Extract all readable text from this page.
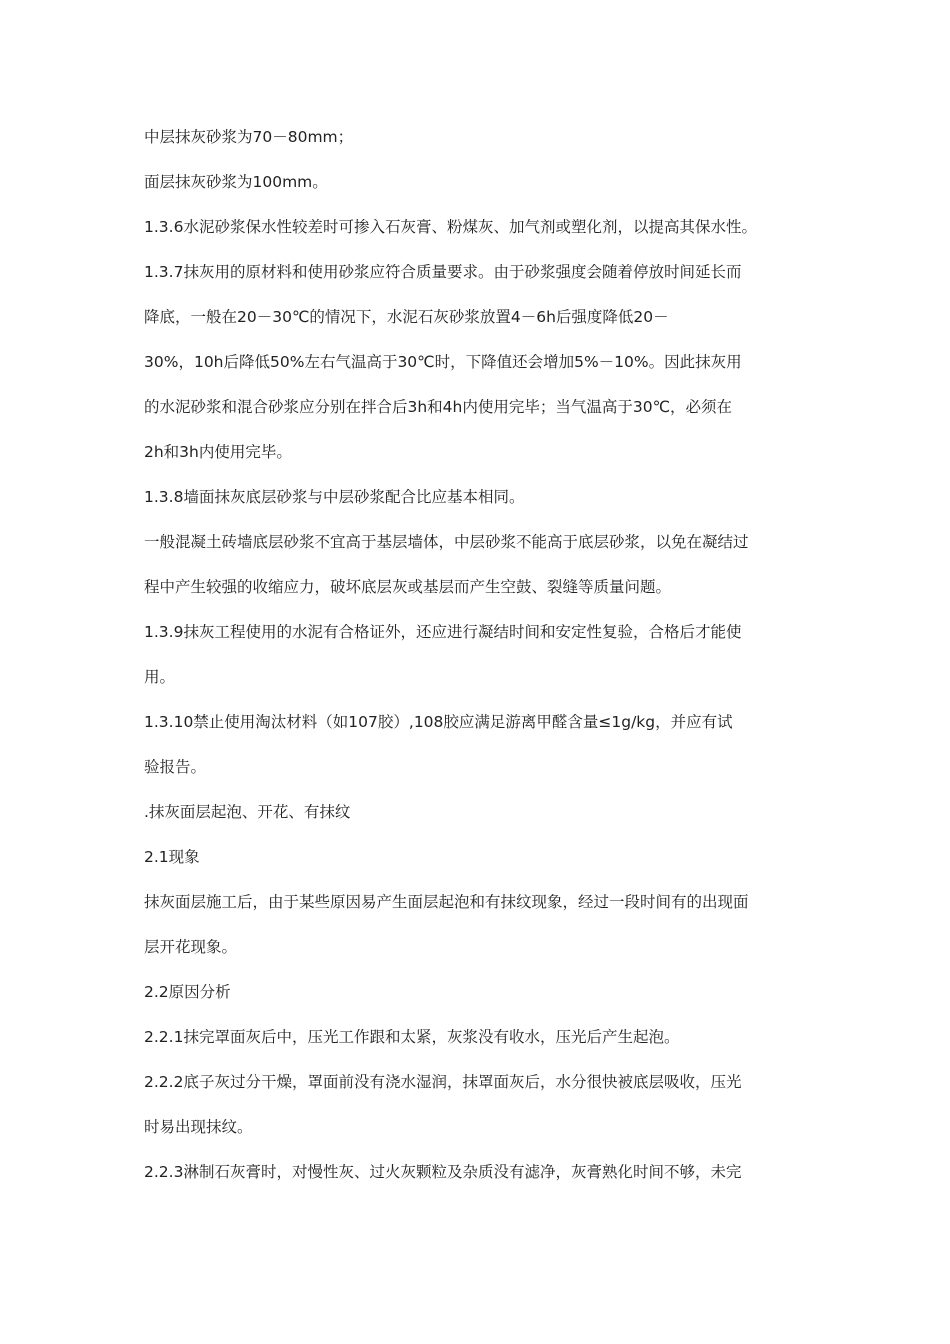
中层抹灰砂浆为70－80mm；
面层抹灰砂浆为100mm。
1.3.6水泥砂浆保水性较差时可掺入石灰膏、粉煤灰、加气剂或塑化剂，以提高其保水性。
1.3.7抹灰用的原材料和使用砂浆应符合质量要求。由于砂浆强度会随着停放时间延长而
降底，一般在20－30℃的情况下，水泥石灰砂浆放置4－6h后强度降低20－
30%，10h后降低50%左右气温高于30℃时，下降值还会增加5%－10%。因此抹灰用
的水泥砂浆和混合砂浆应分别在拌合后3h和4h内使用完毕；当气温高于30℃，必须在
2h和3h内使用完毕。
1.3.8墙面抹灰底层砂浆与中层砂浆配合比应基本相同。
一般混凝土砖墙底层砂浆不宜高于基层墙体，中层砂浆不能高于底层砂浆，以免在凝结过
程中产生较强的收缩应力，破坏底层灰或基层而产生空鼓、裂缝等质量问题。
1.3.9抹灰工程使用的水泥有合格证外，还应进行凝结时间和安定性复验，合格后才能使
用。
1.3.10禁止使用淘汰材料（如107胶）,108胶应满足游离甲醛含量≤1g/kg，并应有试
验报告。
.抹灰面层起泡、开花、有抹纹
2.1现象
抹灰面层施工后，由于某些原因易产生面层起泡和有抹纹现象，经过一段时间有的出现面
层开花现象。
2.2原因分析
2.2.1抹完罩面灰后中，压光工作跟和太紧，灰浆没有收水，压光后产生起泡。
2.2.2底子灰过分干燥，罩面前没有浇水湿润，抹罩面灰后，水分很快被底层吸收，压光
时易出现抹纹。
2.2.3淋制石灰膏时，对慢性灰、过火灰颗粒及杂质没有滤净，灰膏熟化时间不够，未完
